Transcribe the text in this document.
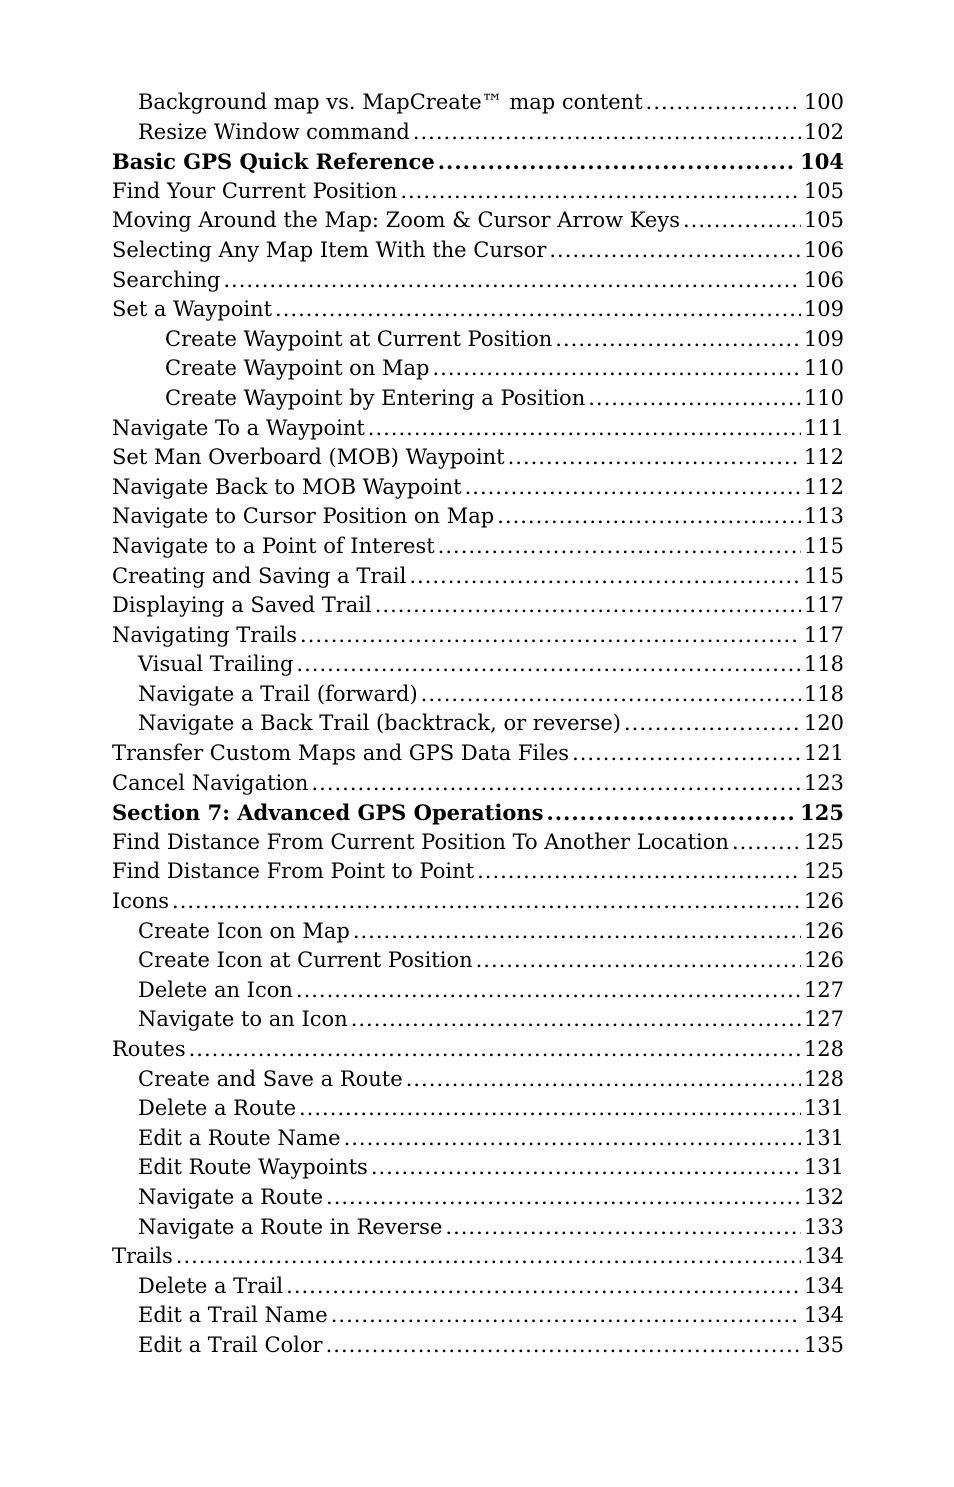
Background map vs. MapCreate™ map content .....	100
Resize Window command .....	102
Basic GPS Quick Reference .....	104
Find Your Current Position .....	105
Moving Around the Map: Zoom & Cursor Arrow Keys .....	105
Selecting Any Map Item With the Cursor .....	106
Searching .....	106
Set a Waypoint .....	109
Create Waypoint at Current Position .....	109
Create Waypoint on Map .....	110
Create Waypoint by Entering a Position .....	110
Navigate To a Waypoint .....	111
Set Man Overboard (MOB) Waypoint .....	112
Navigate Back to MOB Waypoint .....	112
Navigate to Cursor Position on Map .....	113
Navigate to a Point of Interest .....	115
Creating and Saving a Trail .....	115
Displaying a Saved Trail .....	117
Navigating Trails .....	117
Visual Trailing .....	118
Navigate a Trail (forward) .....	118
Navigate a Back Trail (backtrack, or reverse) .....	120
Transfer Custom Maps and GPS Data Files .....	121
Cancel Navigation .....	123
Section 7: Advanced GPS Operations .....	125
Find Distance From Current Position To Another Location .....	125
Find Distance From Point to Point .....	125
Icons .....	126
Create Icon on Map .....	126
Create Icon at Current Position .....	126
Delete an Icon .....	127
Navigate to an Icon .....	127
Routes .....	128
Create and Save a Route .....	128
Delete a Route .....	131
Edit a Route Name .....	131
Edit Route Waypoints .....	131
Navigate a Route .....	132
Navigate a Route in Reverse .....	133
Trails .....	134
Delete a Trail .....	134
Edit a Trail Name .....	134
Edit a Trail Color .....	135
